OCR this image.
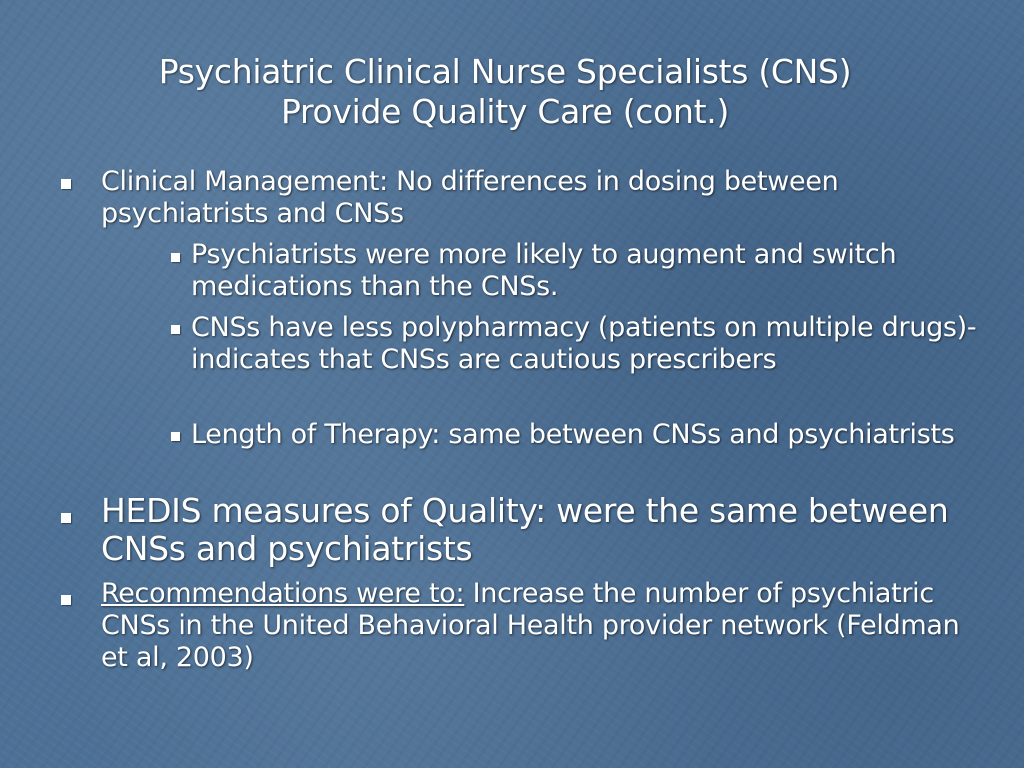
Psychiatric Clinical Nurse Specialists (CNS)
Provide Quality Care (cont.)
Clinical Management: No differences in dosing between psychiatrists and CNSs
Psychiatrists were more likely to augment and switch medications than the CNSs.
CNSs have less polypharmacy (patients on multiple drugs)- indicates that CNSs are cautious prescribers
Length of Therapy: same between CNSs and psychiatrists
HEDIS measures of Quality: were the same between CNSs and psychiatrists
Recommendations were to: Increase the number of psychiatric CNSs in the United Behavioral Health provider network (Feldman et al, 2003)
